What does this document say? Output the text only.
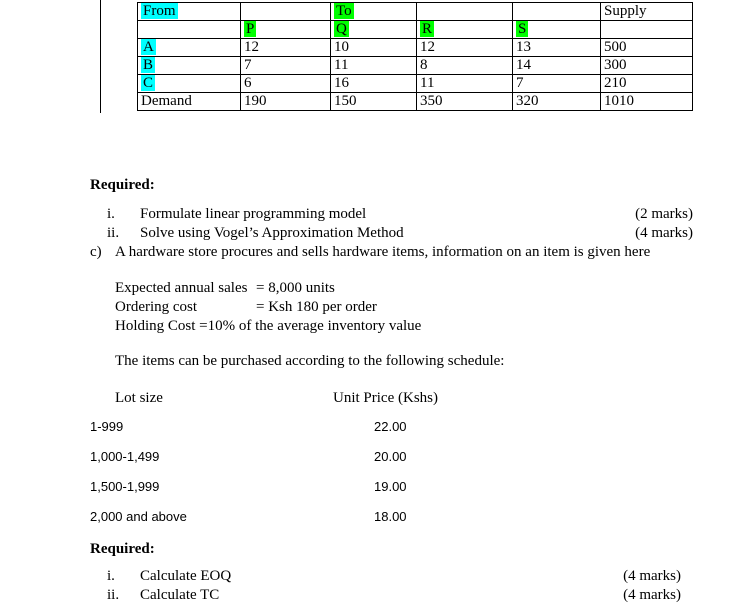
From		To			Supply
	P	Q	R	S	
A	12	10	12	13	500
B	7	11	8	14	300
C	6	16	11	7	210
Demand	190	150	350	320	1010
Required:
i. Formulate linear programming model	(2 marks)
ii. Solve using Vogel’s Approximation Method	(4 marks)
c) A hardware store procures and sells hardware items, information on an item is given here
Expected annual sales = 8,000 units
Ordering cost	= Ksh 180 per order
Holding Cost =10% of the average inventory value
The items can be purchased according to the following schedule:
Lot size	Unit Price (Kshs)
1-999	22.00
1,000-1,499	20.00
1,500-1,999	19.00
2,000 and above	18.00
Required:
i. Calculate EOQ	(4 marks)
ii. Calculate TC	(4 marks)
